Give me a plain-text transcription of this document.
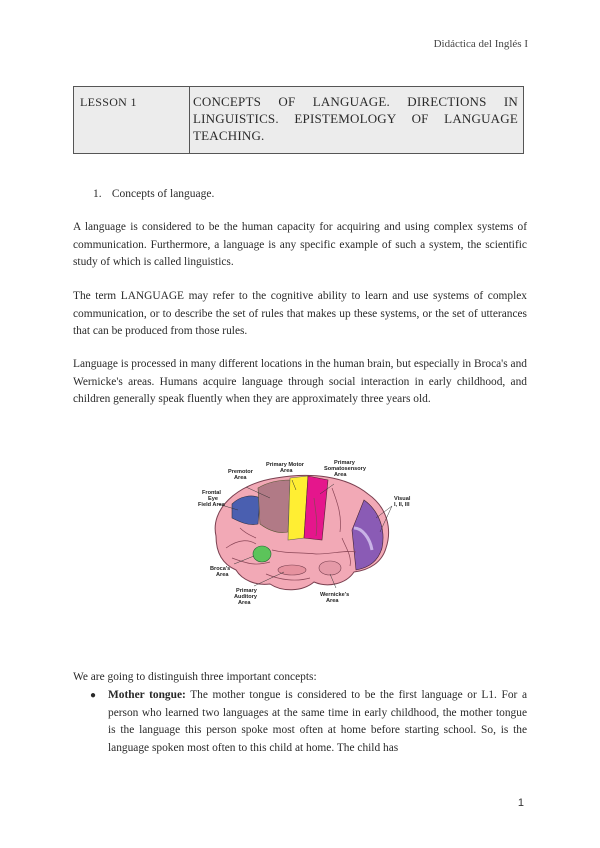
Didáctica del Inglés I
LESSON 1	CONCEPTS OF LANGUAGE. DIRECTIONS IN LINGUISTICS. EPISTEMOLOGY OF LANGUAGE TEACHING.
1. Concepts of language.

A language is considered to be the human capacity for acquiring and using complex systems of communication. Furthermore, a language is any specific example of such a system, the scientific study of which is called linguistics.

The term LANGUAGE may refer to the cognitive ability to learn and use systems of complex communication, or to describe the set of rules that makes up these systems, or the set of utterances that can be produced from those rules.

Language is processed in many different locations in the human brain, but especially in Broca's and Wernicke's areas. Humans acquire language through social interaction in early childhood, and children generally speak fluently when they are approximately three years old.

Premotor Area
Primary Motor Area
Primary Somatosensory Area
Frontal Eye Field Area
Visual I, II, III
Broca's Area
Primary Auditory Area
Wernicke's Area
We are going to distinguish three important concepts:
● Mother tongue: The mother tongue is considered to be the first language or L1. For a person who learned two languages at the same time in early childhood, the mother tongue is the language this person spoke most often at home before starting school. So, is the language spoken most often to this child at home. The child has
1
